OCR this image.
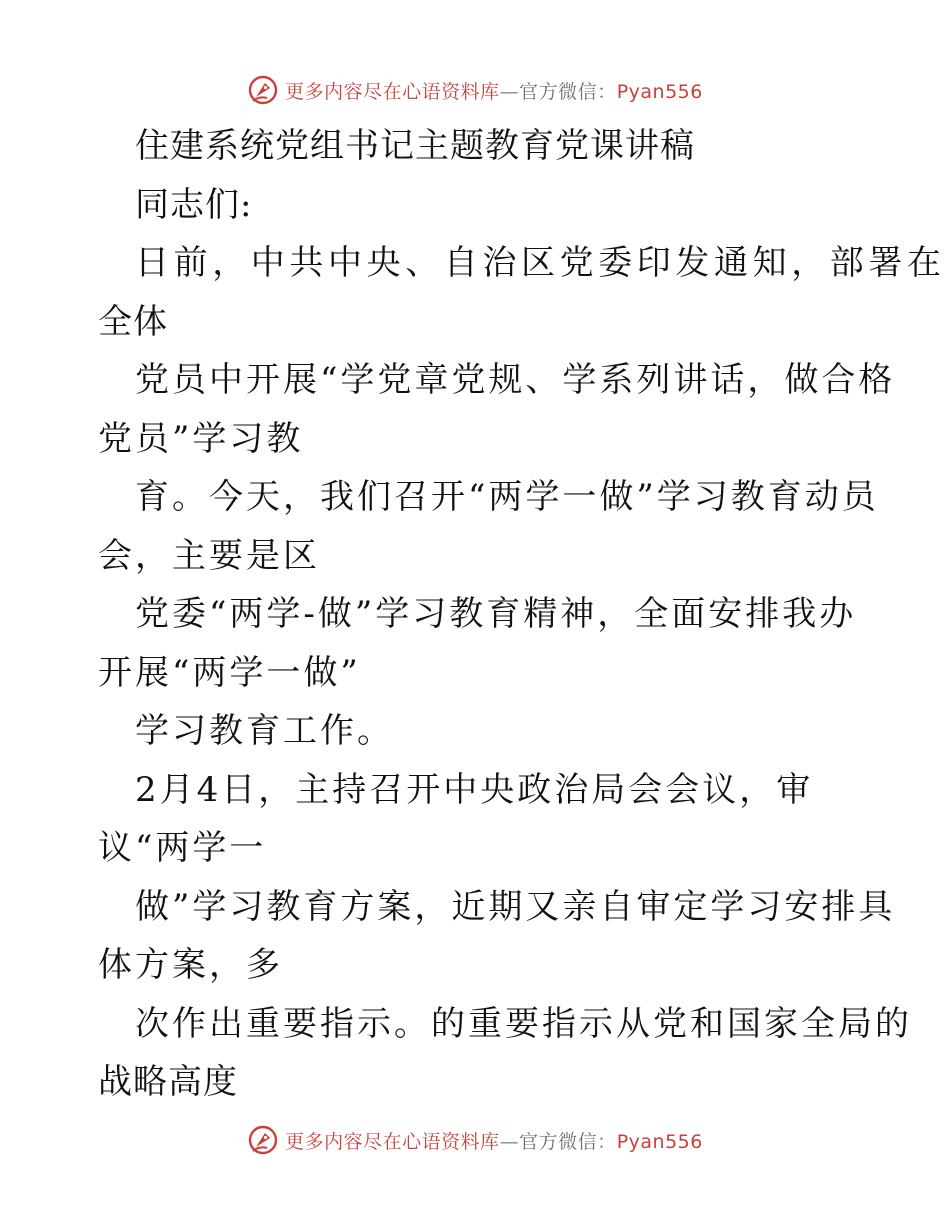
更多内容尽在心语资料库—官方微信：Pyan556
住建系统党组书记主题教育党课讲稿
同志们:
日前，中共中央、自治区党委印发通知，部署在
全体
党员中开展“学党章党规、学系列讲话，做合格
党员”学习教
育。今天，我们召开“两学一做”学习教育动员
会，主要是区
党委“两学-做”学习教育精神，全面安排我办
开展“两学一做”
学习教育工作。
2月4日，主持召开中央政治局会会议，审
议“两学一
做”学习教育方案，近期又亲自审定学习安排具
体方案，多
次作出重要指示。的重要指示从党和国家全局的
战略高度
更多内容尽在心语资料库—官方微信：Pyan556
